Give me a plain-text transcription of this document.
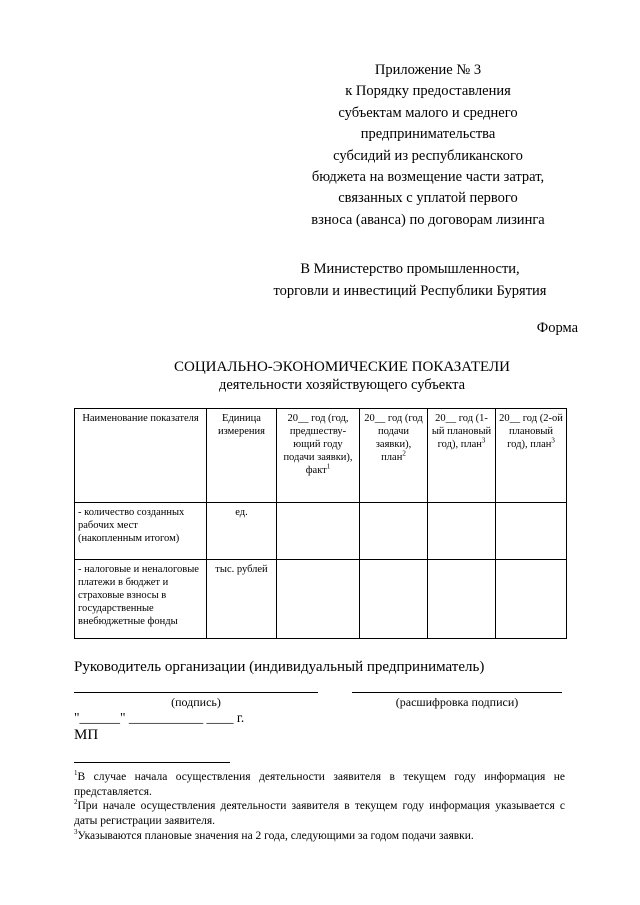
Приложение № 3
к Порядку предоставления
субъектам малого и среднего
предпринимательства
субсидий из республиканского
бюджета на возмещение части затрат,
связанных с уплатой первого
взноса (аванса) по договорам лизинга
В Министерство промышленности,
торговли и инвестиций Республики Бурятия
Форма
СОЦИАЛЬНО-ЭКОНОМИЧЕСКИЕ ПОКАЗАТЕЛИ
деятельности хозяйствующего субъекта
Наименование показателя	Единица измерения	20__ год (год, предшеству-ющий году подачи заявки), факт$^1$	20__ год (год подачи заявки), план$^2$	20__ год (1-ый плановый год), план$^3$	20__ год (2-ой плановый год), план$^3$
- количество созданных рабочих мест (накопленным итогом)	ед.				
- налоговые и неналоговые платежи в бюджет и страховые взносы в государственные внебюджетные фонды	тыс. рублей				
Руководитель организации (индивидуальный предприниматель)
(подпись)	(расшифровка подписи)
"______" ___________ ____ г.
МП
$^1$В случае начала осуществления деятельности заявителя в текущем году информация не представляется.
$^2$При начале осуществления деятельности заявителя в текущем году информация указывается с даты регистрации заявителя.
$^3$Указываются плановые значения на 2 года, следующими за годом подачи заявки.
